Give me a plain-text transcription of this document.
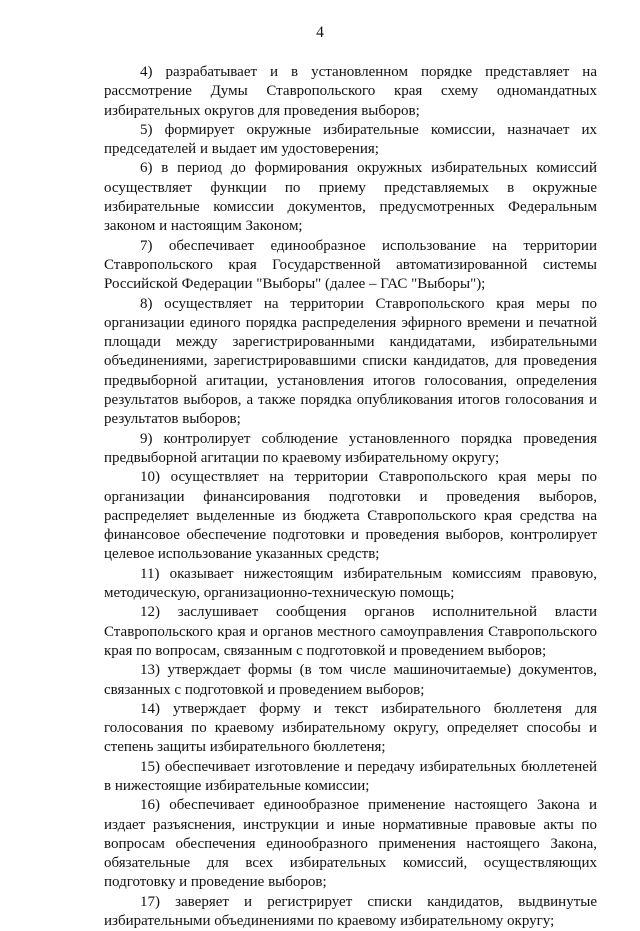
4

4) разрабатывает и в установленном порядке представляет на рассмотрение Думы Ставропольского края схему одномандатных избирательных округов для проведения выборов;

5) формирует окружные избирательные комиссии, назначает их председателей и выдает им удостоверения;

6) в период до формирования окружных избирательных комиссий осуществляет функции по приему представляемых в окружные избирательные комиссии документов, предусмотренных Федеральным законом и настоящим Законом;

7) обеспечивает единообразное использование на территории Ставропольского края Государственной автоматизированной системы Российской Федерации "Выборы" (далее – ГАС "Выборы");

8) осуществляет на территории Ставропольского края меры по организации единого порядка распределения эфирного времени и печатной площади между зарегистрированными кандидатами, избирательными объединениями, зарегистрировавшими списки кандидатов, для проведения предвыборной агитации, установления итогов голосования, определения результатов выборов, а также порядка опубликования итогов голосования и результатов выборов;

9) контролирует соблюдение установленного порядка проведения предвыборной агитации по краевому избирательному округу;

10) осуществляет на территории Ставропольского края меры по организации финансирования подготовки и проведения выборов, распределяет выделенные из бюджета Ставропольского края средства на финансовое обеспечение подготовки и проведения выборов, контролирует целевое использование указанных средств;

11) оказывает нижестоящим избирательным комиссиям правовую, методическую, организационно-техническую помощь;

12) заслушивает сообщения органов исполнительной власти Ставропольского края и органов местного самоуправления Ставропольского края по вопросам, связанным с подготовкой и проведением выборов;

13) утверждает формы (в том числе машиночитаемые) документов, связанных с подготовкой и проведением выборов;

14) утверждает форму и текст избирательного бюллетеня для голосования по краевому избирательному округу, определяет способы и степень защиты избирательного бюллетеня;

15) обеспечивает изготовление и передачу избирательных бюллетеней в нижестоящие избирательные комиссии;

16) обеспечивает единообразное применение настоящего Закона и издает разъяснения, инструкции и иные нормативные правовые акты по вопросам обеспечения единообразного применения настоящего Закона, обязательные для всех избирательных комиссий, осуществляющих подготовку и проведение выборов;

17) заверяет и регистрирует списки кандидатов, выдвинутые избирательными объединениями по краевому избирательному округу;
